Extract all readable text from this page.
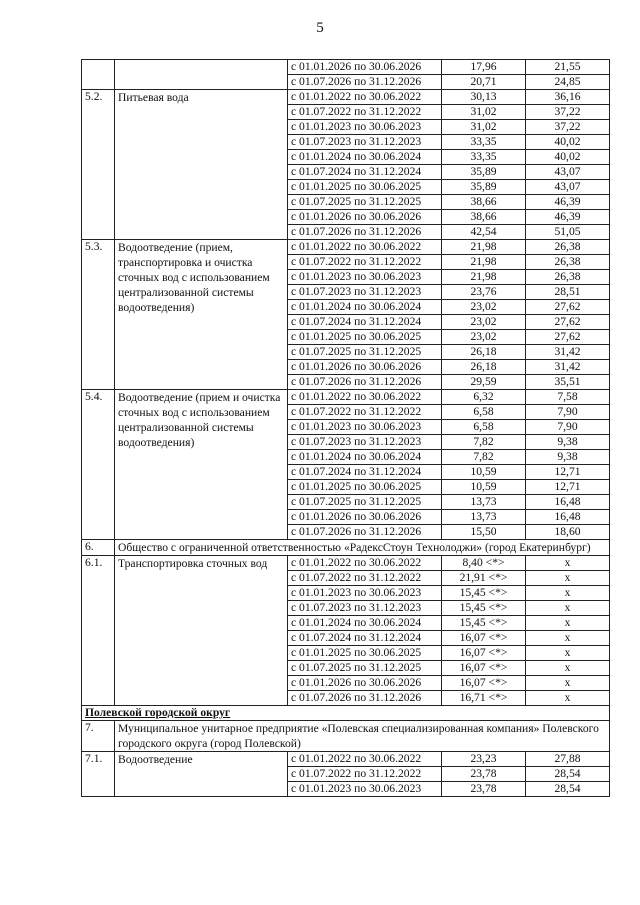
5
		с 01.01.2026 по 30.06.2026	17,96	21,55
		с 01.07.2026 по 31.12.2026	20,71	24,85
5.2.	Питьевая вода	с 01.01.2022 по 30.06.2022	30,13	36,16
		с 01.07.2022 по 31.12.2022	31,02	37,22
		с 01.01.2023 по 30.06.2023	31,02	37,22
		с 01.07.2023 по 31.12.2023	33,35	40,02
		с 01.01.2024 по 30.06.2024	33,35	40,02
		с 01.07.2024 по 31.12.2024	35,89	43,07
		с 01.01.2025 по 30.06.2025	35,89	43,07
		с 01.07.2025 по 31.12.2025	38,66	46,39
		с 01.01.2026 по 30.06.2026	38,66	46,39
		с 01.07.2026 по 31.12.2026	42,54	51,05
5.3.	Водоотведение (прием, транспортировка и очистка сточных вод с использованием централизованной системы водоотведения)	с 01.01.2022 по 30.06.2022	21,98	26,38
		с 01.07.2022 по 31.12.2022	21,98	26,38
		с 01.01.2023 по 30.06.2023	21,98	26,38
		с 01.07.2023 по 31.12.2023	23,76	28,51
		с 01.01.2024 по 30.06.2024	23,02	27,62
		с 01.07.2024 по 31.12.2024	23,02	27,62
		с 01.01.2025 по 30.06.2025	23,02	27,62
		с 01.07.2025 по 31.12.2025	26,18	31,42
		с 01.01.2026 по 30.06.2026	26,18	31,42
		с 01.07.2026 по 31.12.2026	29,59	35,51
5.4.	Водоотведение (прием и очистка сточных вод с использованием централизованной системы водоотведения)	с 01.01.2022 по 30.06.2022	6,32	7,58
		с 01.07.2022 по 31.12.2022	6,58	7,90
		с 01.01.2023 по 30.06.2023	6,58	7,90
		с 01.07.2023 по 31.12.2023	7,82	9,38
		с 01.01.2024 по 30.06.2024	7,82	9,38
		с 01.07.2024 по 31.12.2024	10,59	12,71
		с 01.01.2025 по 30.06.2025	10,59	12,71
		с 01.07.2025 по 31.12.2025	13,73	16,48
		с 01.01.2026 по 30.06.2026	13,73	16,48
		с 01.07.2026 по 31.12.2026	15,50	18,60
6.	Общество с ограниченной ответственностью «РадексСтоун Технолоджи» (город Екатеринбург)			
6.1.	Транспортировка сточных вод	с 01.01.2022 по 30.06.2022	8,40 <*>	х
		с 01.07.2022 по 31.12.2022	21,91 <*>	х
		с 01.01.2023 по 30.06.2023	15,45 <*>	х
		с 01.07.2023 по 31.12.2023	15,45 <*>	х
		с 01.01.2024 по 30.06.2024	15,45 <*>	х
		с 01.07.2024 по 31.12.2024	16,07 <*>	х
		с 01.01.2025 по 30.06.2025	16,07 <*>	х
		с 01.07.2025 по 31.12.2025	16,07 <*>	х
		с 01.01.2026 по 30.06.2026	16,07 <*>	х
		с 01.07.2026 по 31.12.2026	16,71 <*>	х
Полевской городской округ				
7.	Муниципальное унитарное предприятие «Полевская специализированная компания» Полевского городского округа (город Полевской)			
7.1.	Водоотведение	с 01.01.2022 по 30.06.2022	23,23	27,88
		с 01.07.2022 по 31.12.2022	23,78	28,54
		с 01.01.2023 по 30.06.2023	23,78	28,54
